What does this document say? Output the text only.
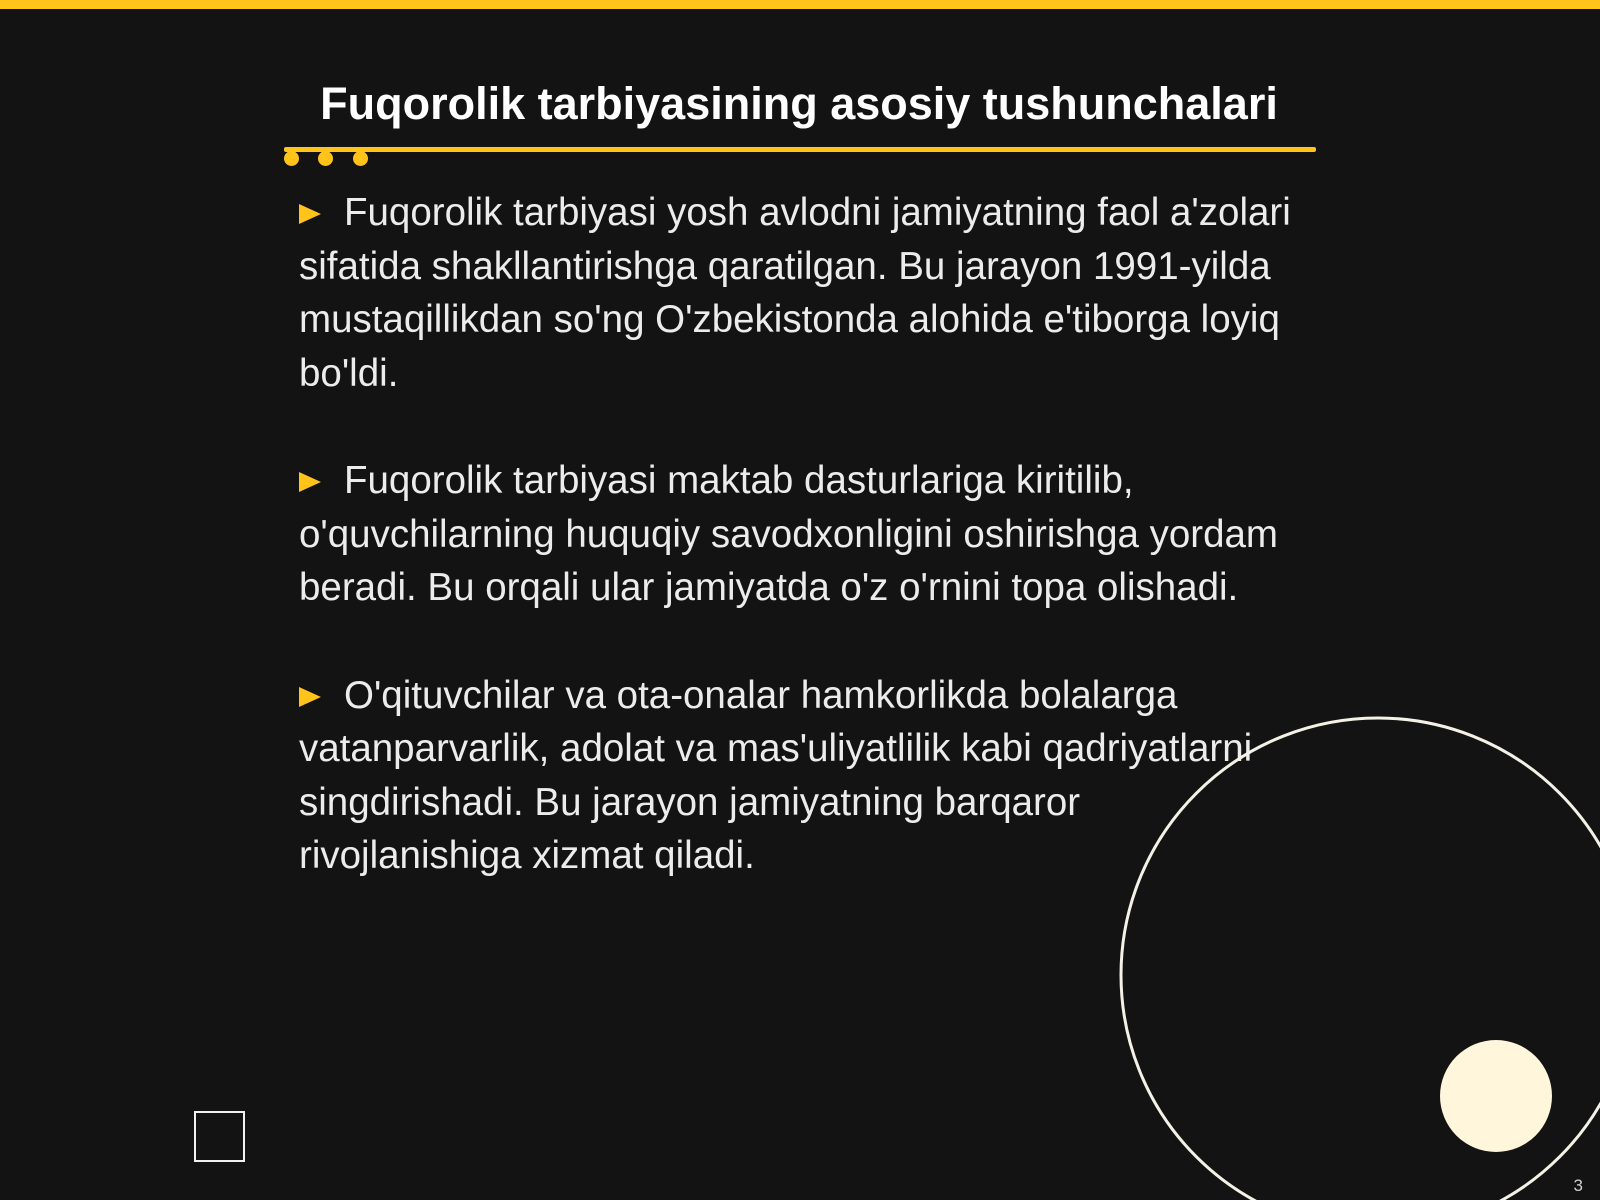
Fuqorolik tarbiyasining asosiy tushunchalari

Fuqorolik tarbiyasi yosh avlodni jamiyatning faol a'zolari sifatida shakllantirishga qaratilgan. Bu jarayon 1991-yilda mustaqillikdan so'ng O'zbekistonda alohida e'tiborga loyiq bo'ldi.

Fuqorolik tarbiyasi maktab dasturlariga kiritilib, o'quvchilarning huquqiy savodxonligini oshirishga yordam beradi. Bu orqali ular jamiyatda o'z o'rnini topa olishadi.

O'qituvchilar va ota-onalar hamkorlikda bolalarga vatanparvarlik, adolat va mas'uliyatlilik kabi qadriyatlarni singdirishadi. Bu jarayon jamiyatning barqaror rivojlanishiga xizmat qiladi.

3
